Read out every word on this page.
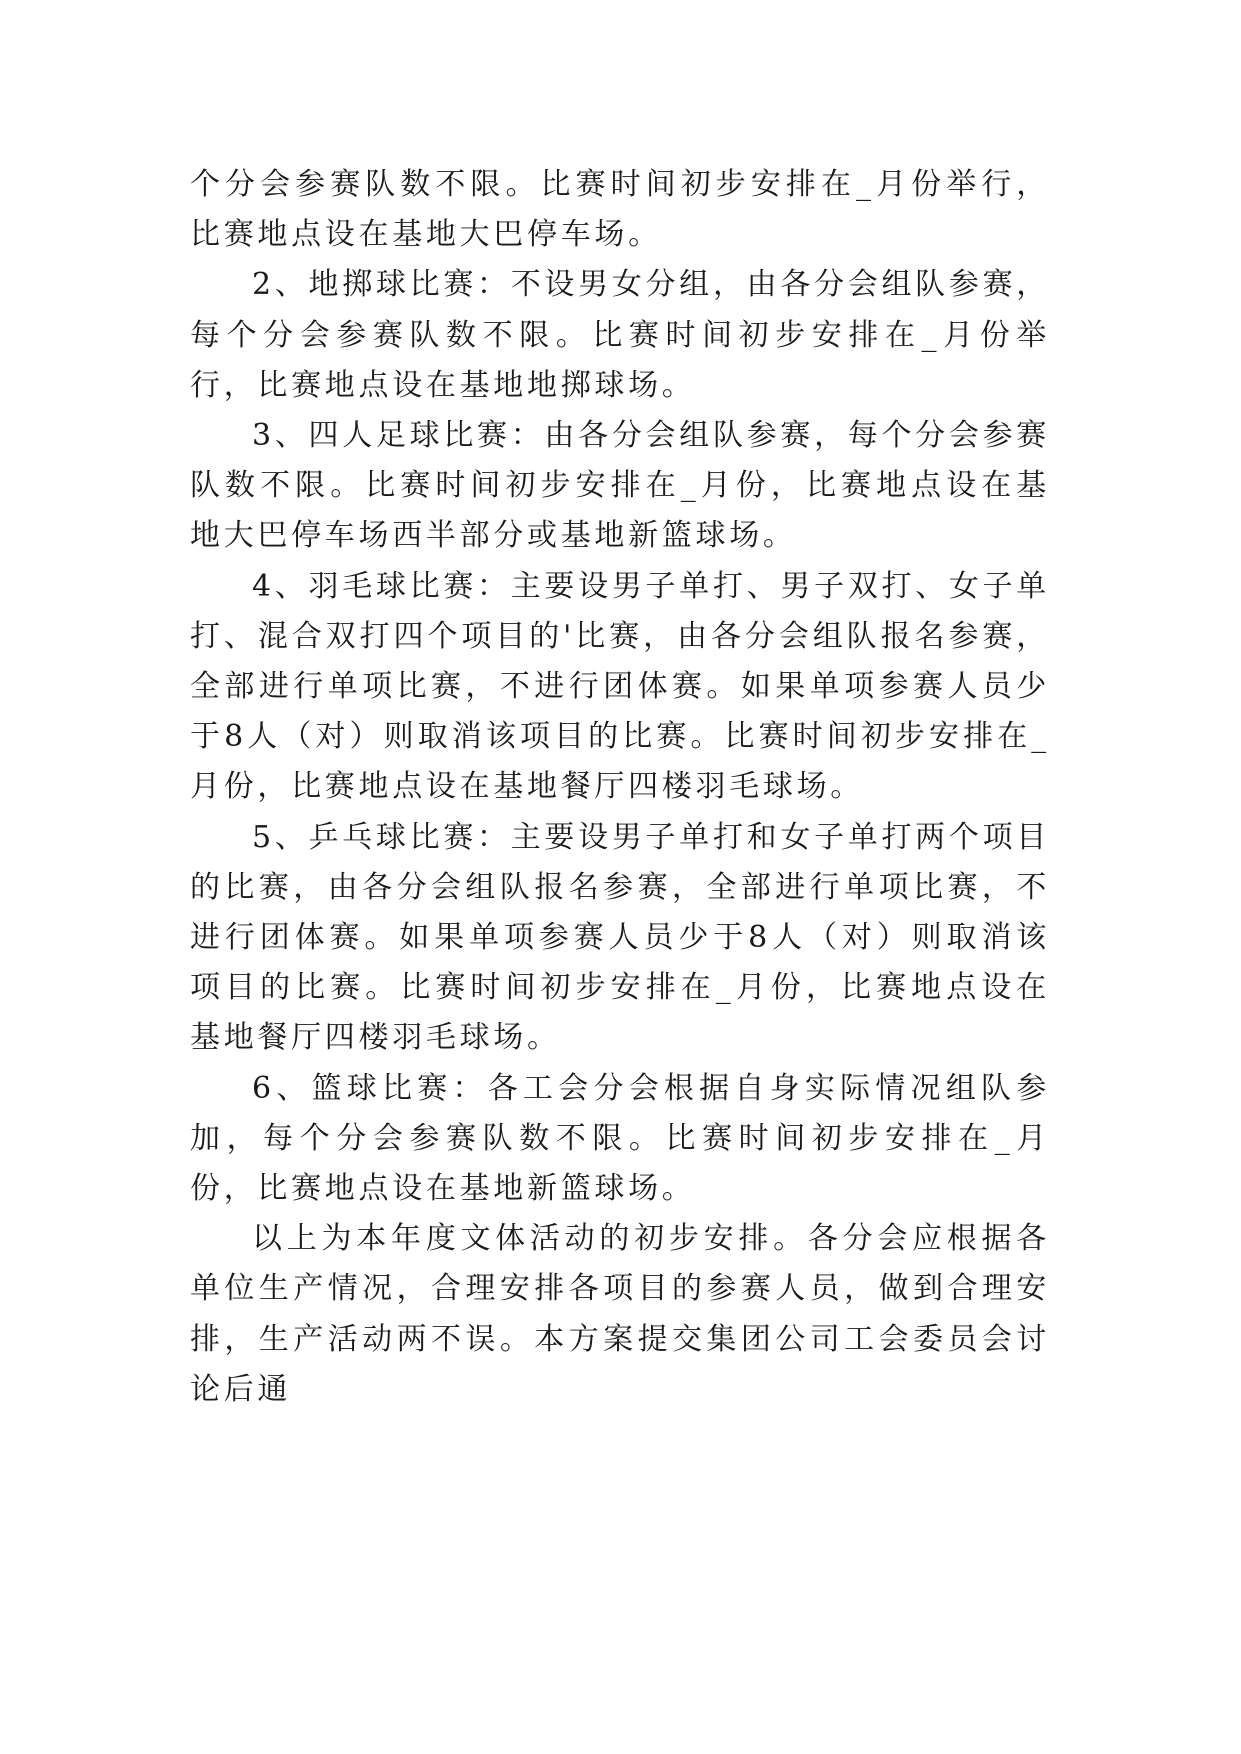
个分会参赛队数不限。比赛时间初步安排在_月份举行，比赛地点设在基地大巴停车场。

2、地掷球比赛：不设男女分组，由各分会组队参赛，每个分会参赛队数不限。比赛时间初步安排在_月份举行，比赛地点设在基地地掷球场。

3、四人足球比赛：由各分会组队参赛，每个分会参赛队数不限。比赛时间初步安排在_月份，比赛地点设在基地大巴停车场西半部分或基地新篮球场。

4、羽毛球比赛：主要设男子单打、男子双打、女子单打、混合双打四个项目的'比赛，由各分会组队报名参赛，全部进行单项比赛，不进行团体赛。如果单项参赛人员少于8人（对）则取消该项目的比赛。比赛时间初步安排在_月份，比赛地点设在基地餐厅四楼羽毛球场。

5、乒乓球比赛：主要设男子单打和女子单打两个项目的比赛，由各分会组队报名参赛，全部进行单项比赛，不进行团体赛。如果单项参赛人员少于8人（对）则取消该项目的比赛。比赛时间初步安排在_月份，比赛地点设在基地餐厅四楼羽毛球场。

6、篮球比赛：各工会分会根据自身实际情况组队参加，每个分会参赛队数不限。比赛时间初步安排在_月份，比赛地点设在基地新篮球场。

以上为本年度文体活动的初步安排。各分会应根据各单位生产情况，合理安排各项目的参赛人员，做到合理安排，生产活动两不误。本方案提交集团公司工会委员会讨论后通
